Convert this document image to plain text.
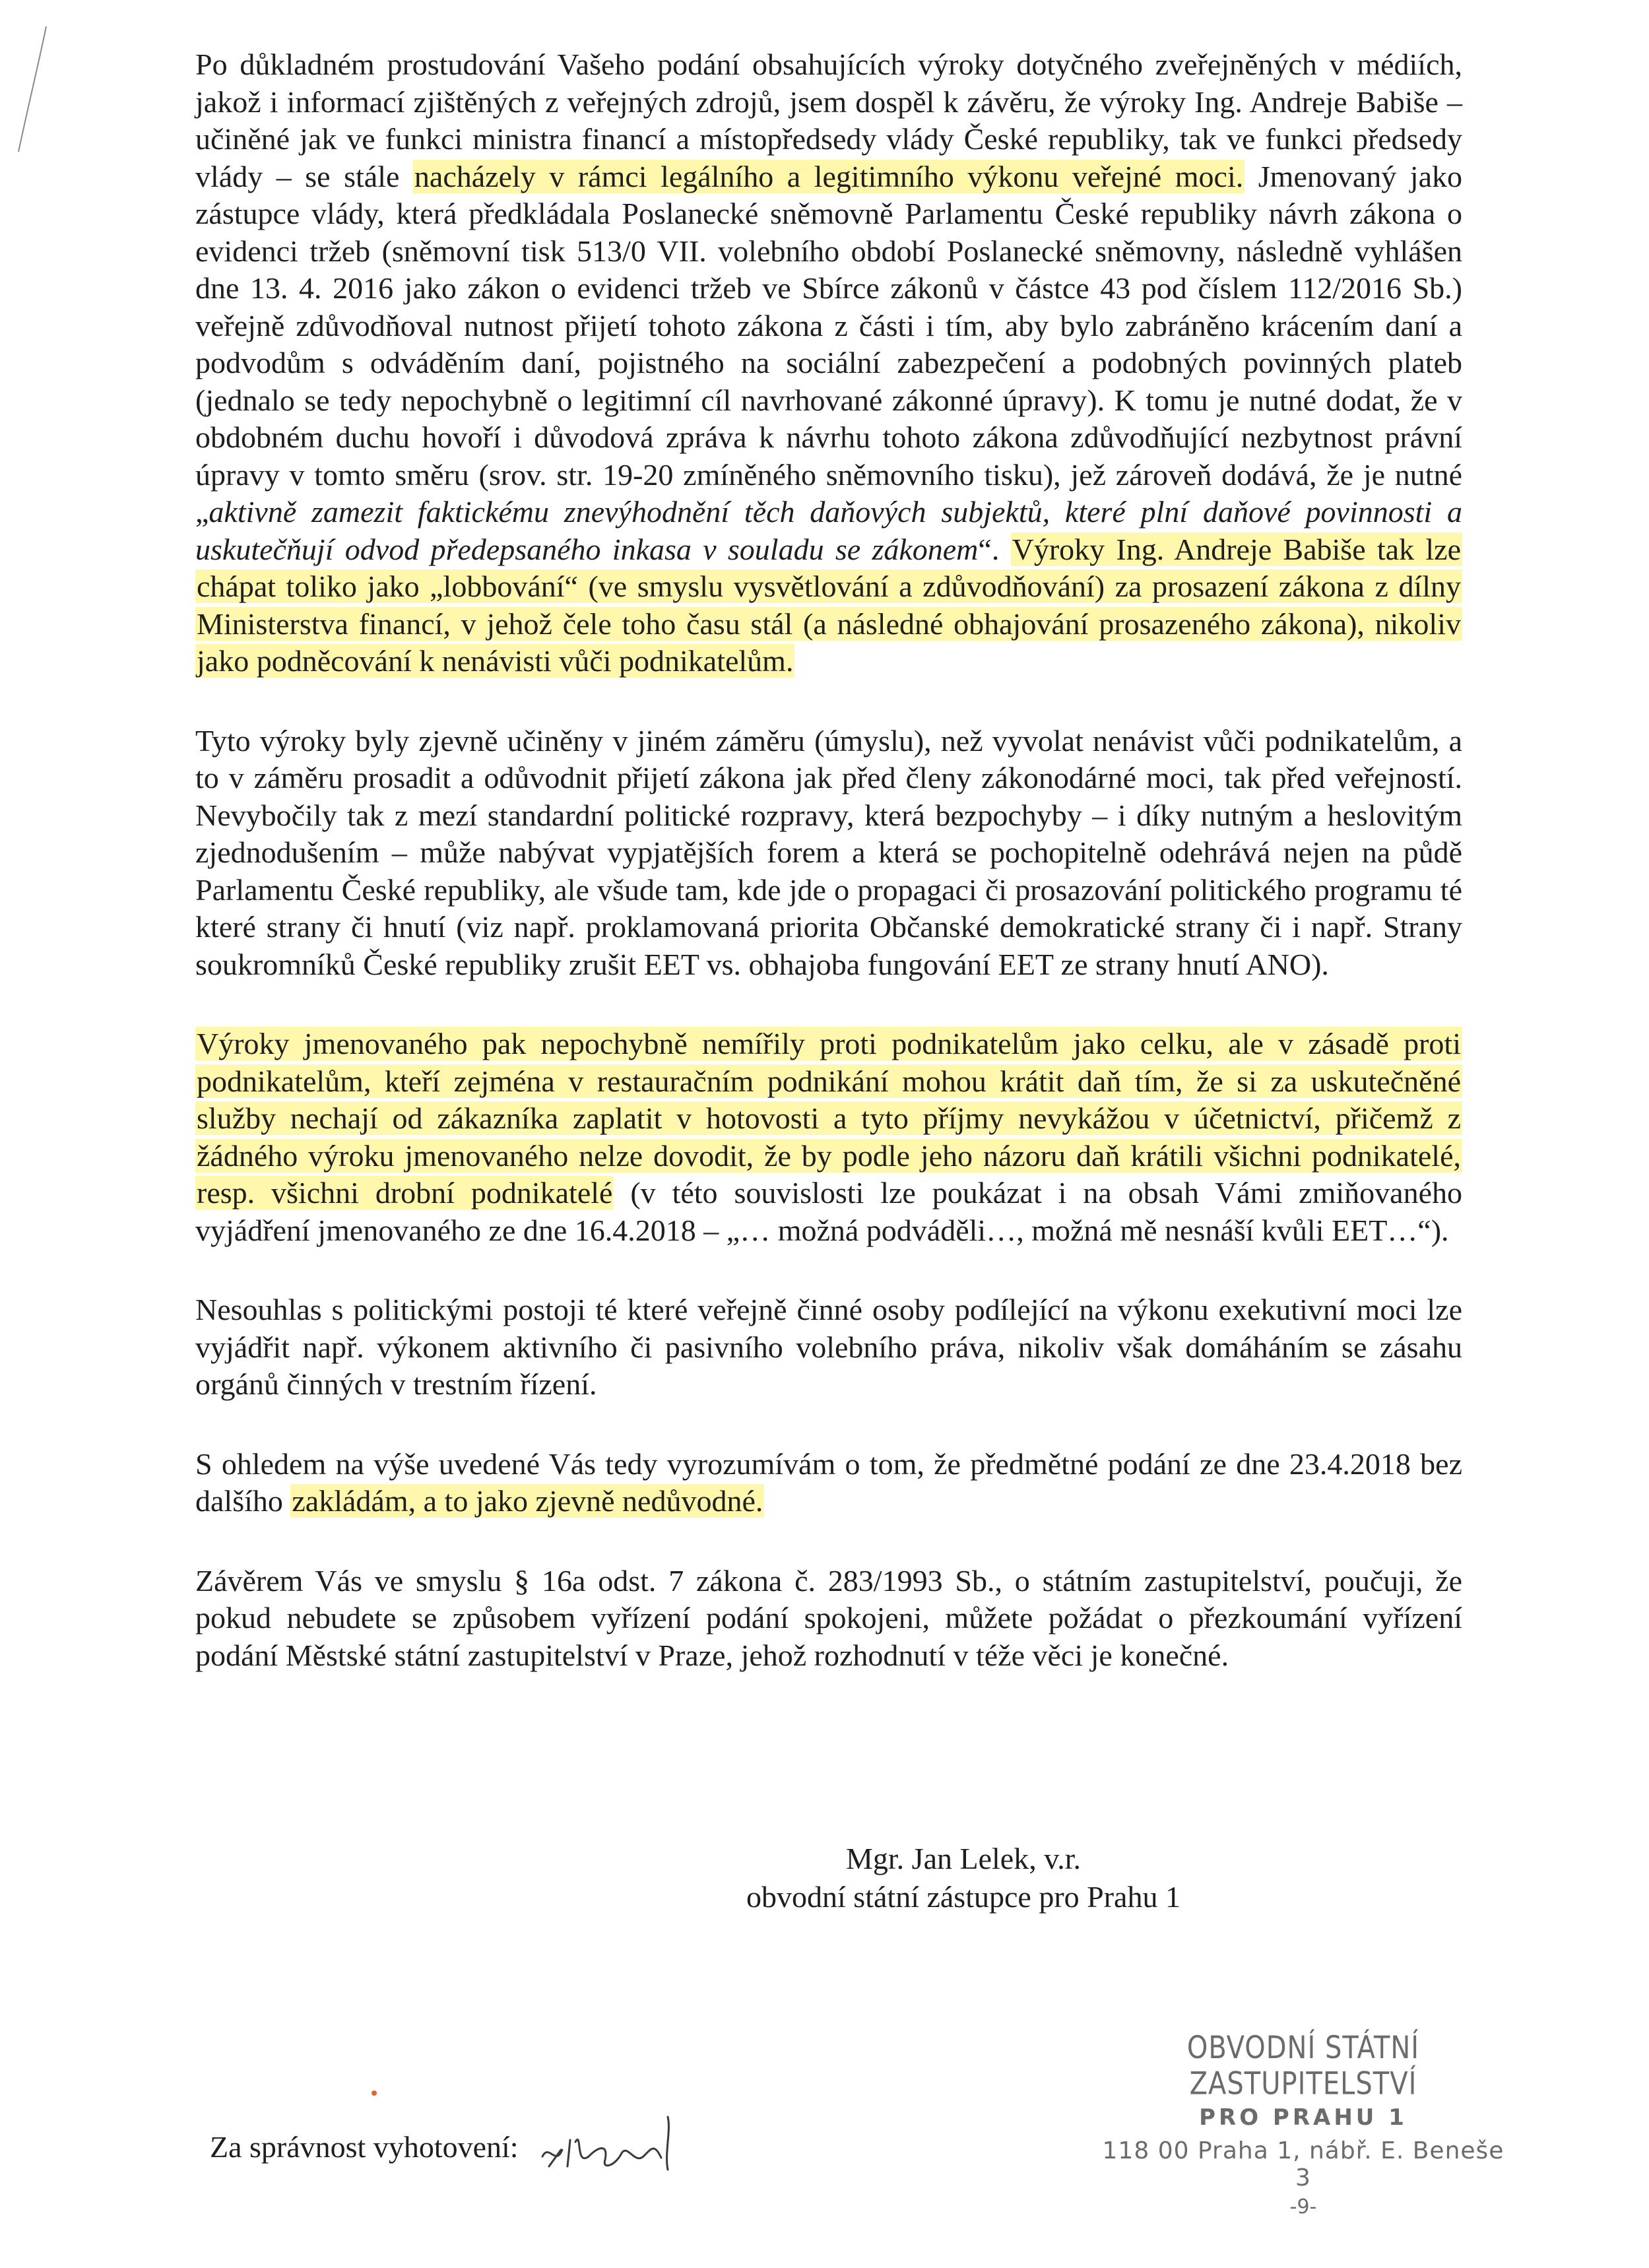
Po důkladném prostudování Vašeho podání obsahujících výroky dotyčného zveřejněných v médiích, jakož i informací zjištěných z veřejných zdrojů, jsem dospěl k závěru, že výroky Ing. Andreje Babiše – učiněné jak ve funkci ministra financí a místopředsedy vlády České republiky, tak ve funkci předsedy vlády – se stále nacházely v rámci legálního a legitimního výkonu veřejné moci. Jmenovaný jako zástupce vlády, která předkládala Poslanecké sněmovně Parlamentu České republiky návrh zákona o evidenci tržeb (sněmovní tisk 513/0 VII. volebního období Poslanecké sněmovny, následně vyhlášen dne 13. 4. 2016 jako zákon o evidenci tržeb ve Sbírce zákonů v částce 43 pod číslem 112/2016 Sb.) veřejně zdůvodňoval nutnost přijetí tohoto zákona z části i tím, aby bylo zabráněno krácením daní a podvodům s odváděním daní, pojistného na sociální zabezpečení a podobných povinných plateb (jednalo se tedy nepochybně o legitimní cíl navrhované zákonné úpravy). K tomu je nutné dodat, že v obdobném duchu hovoří i důvodová zpráva k návrhu tohoto zákona zdůvodňující nezbytnost právní úpravy v tomto směru (srov. str. 19-20 zmíněného sněmovního tisku), jež zároveň dodává, že je nutné „aktivně zamezit faktickému znevýhodnění těch daňových subjektů, které plní daňové povinnosti a uskutečňují odvod předepsaného inkasa v souladu se zákonem“. Výroky Ing. Andreje Babiše tak lze chápat toliko jako „lobbování“ (ve smyslu vysvětlování a zdůvodňování) za prosazení zákona z dílny Ministerstva financí, v jehož čele toho času stál (a následné obhajování prosazeného zákona), nikoliv jako podněcování k nenávisti vůči podnikatelům.

Tyto výroky byly zjevně učiněny v jiném záměru (úmyslu), než vyvolat nenávist vůči podnikatelům, a to v záměru prosadit a odůvodnit přijetí zákona jak před členy zákonodárné moci, tak před veřejností. Nevybočily tak z mezí standardní politické rozpravy, která bezpochyby – i díky nutným a heslovitým zjednodušením – může nabývat vypjatějších forem a která se pochopitelně odehrává nejen na půdě Parlamentu České republiky, ale všude tam, kde jde o propagaci či prosazování politického programu té které strany či hnutí (viz např. proklamovaná priorita Občanské demokratické strany či i např. Strany soukromníků České republiky zrušit EET vs. obhajoba fungování EET ze strany hnutí ANO).

Výroky jmenovaného pak nepochybně nemířily proti podnikatelům jako celku, ale v zásadě proti podnikatelům, kteří zejména v restauračním podnikání mohou krátit daň tím, že si za uskutečněné služby nechají od zákazníka zaplatit v hotovosti a tyto příjmy nevykážou v účetnictví, přičemž z žádného výroku jmenovaného nelze dovodit, že by podle jeho názoru daň krátili všichni podnikatelé, resp. všichni drobní podnikatelé (v této souvislosti lze poukázat i na obsah Vámi zmiňovaného vyjádření jmenovaného ze dne 16.4.2018 – „… možná podváděli…, možná mě nesnáší kvůli EET…“).

Nesouhlas s politickými postoji té které veřejně činné osoby podílející na výkonu exekutivní moci lze vyjádřit např. výkonem aktivního či pasivního volebního práva, nikoliv však domáháním se zásahu orgánů činných v trestním řízení.

S ohledem na výše uvedené Vás tedy vyrozumívám o tom, že předmětné podání ze dne 23.4.2018 bez dalšího zakládám, a to jako zjevně nedůvodné.

Závěrem Vás ve smyslu § 16a odst. 7 zákona č. 283/1993 Sb., o státním zastupitelství, poučuji, že pokud nebudete se způsobem vyřízení podání spokojeni, můžete požádat o přezkoumání vyřízení podání Městské státní zastupitelství v Praze, jehož rozhodnutí v téže věci je konečné.

Mgr. Jan Lelek, v.r.
obvodní státní zástupce pro Prahu 1
Za správnost vyhotovení:
OBVODNÍ STÁTNÍ ZASTUPITELSTVÍ
PRO PRAHU 1
118 00 Praha 1, nábř. E. Beneše 3
-9-
